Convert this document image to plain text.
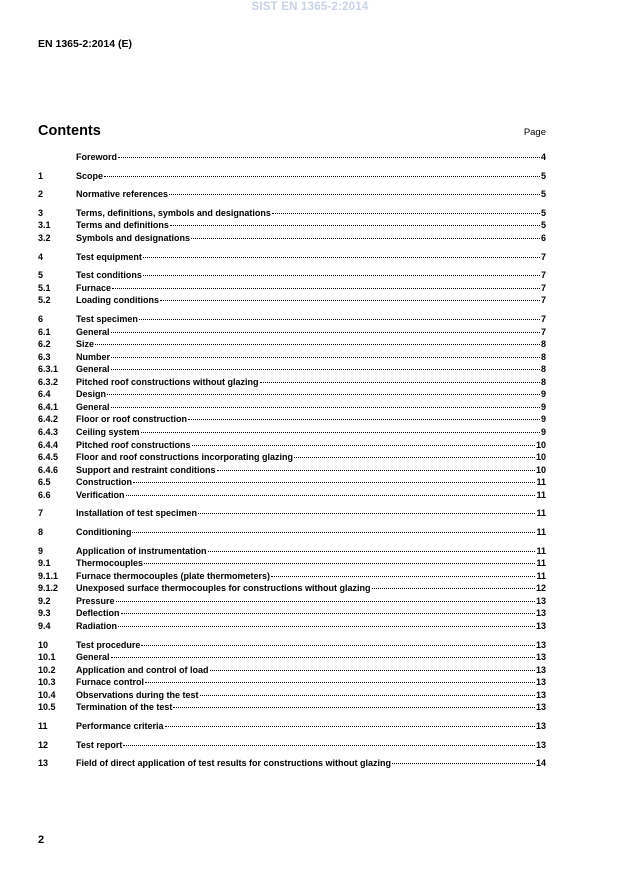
SIST EN 1365-2:2014
EN 1365-2:2014 (E)
Contents	Page
Foreword	4
1	Scope	5
2	Normative references	5
3	Terms, definitions, symbols and designations	5
3.1	Terms and definitions	5
3.2	Symbols and designations	6
4	Test equipment	7
5	Test conditions	7
5.1	Furnace	7
5.2	Loading conditions	7
6	Test specimen	7
6.1	General	7
6.2	Size	8
6.3	Number	8
6.3.1	General	8
6.3.2	Pitched roof constructions without glazing	8
6.4	Design	9
6.4.1	General	9
6.4.2	Floor or roof construction	9
6.4.3	Ceiling system	9
6.4.4	Pitched roof constructions	10
6.4.5	Floor and roof constructions incorporating glazing	10
6.4.6	Support and restraint conditions	10
6.5	Construction	11
6.6	Verification	11
7	Installation of test specimen	11
8	Conditioning	11
9	Application of instrumentation	11
9.1	Thermocouples	11
9.1.1	Furnace thermocouples (plate thermometers)	11
9.1.2	Unexposed surface thermocouples for constructions without glazing	12
9.2	Pressure	13
9.3	Deflection	13
9.4	Radiation	13
10	Test procedure	13
10.1	General	13
10.2	Application and control of load	13
10.3	Furnace control	13
10.4	Observations during the test	13
10.5	Termination of the test	13
11	Performance criteria	13
12	Test report	13
13	Field of direct application of test results for constructions without glazing	14
2
